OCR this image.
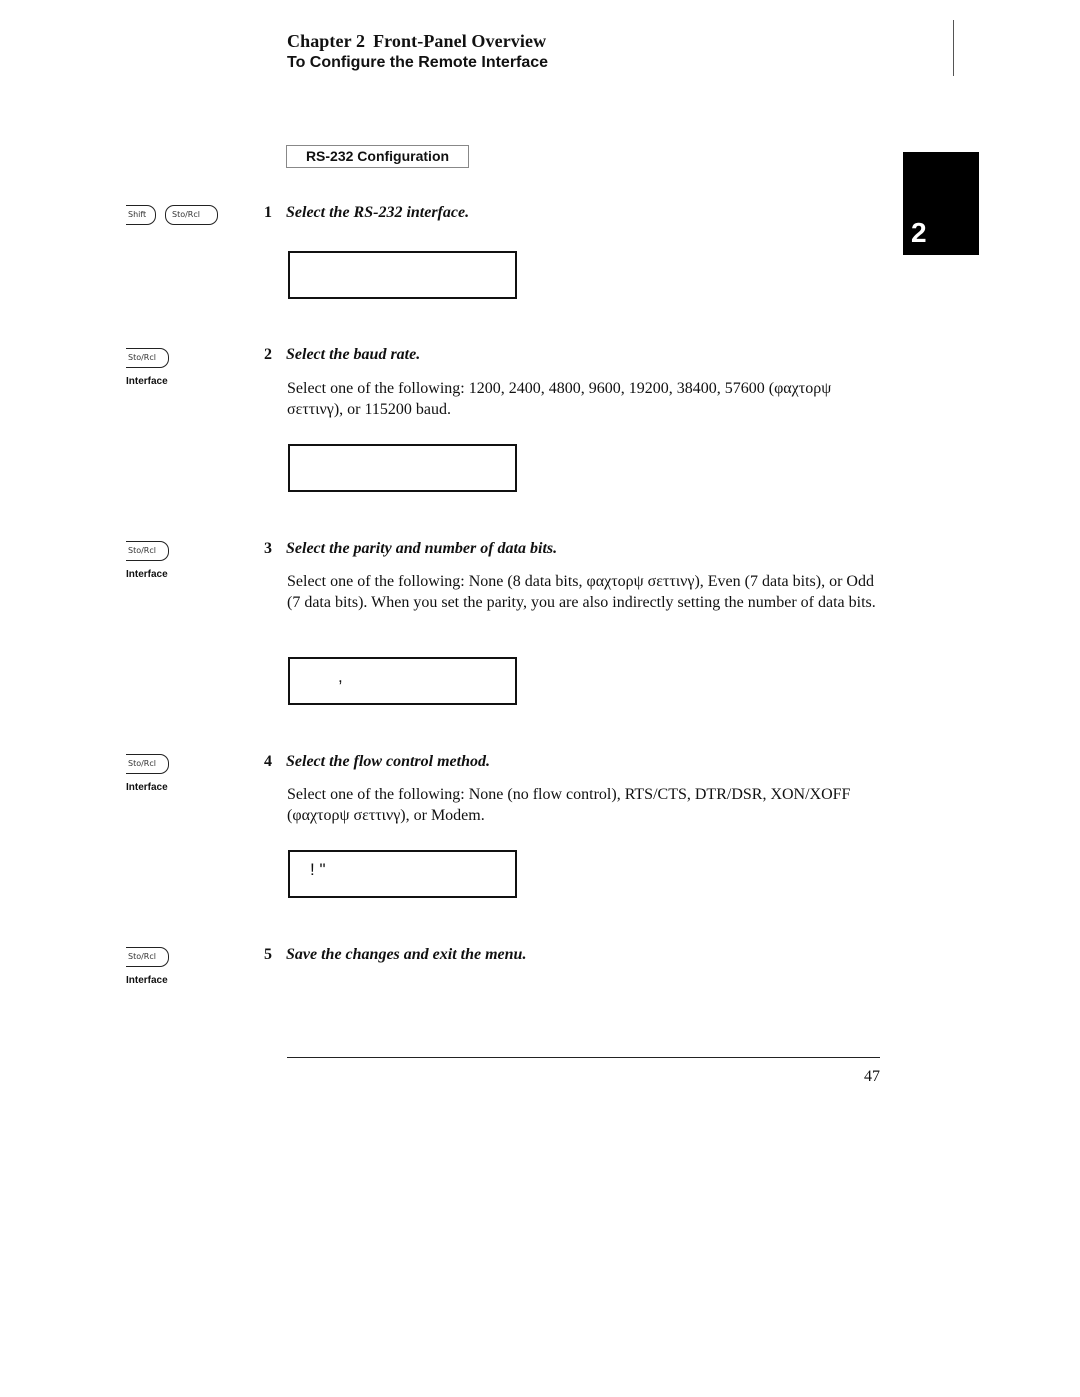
Chapter 2 Front-Panel Overview
To Configure the Remote Interface
2
RS-232 Configuration
Shift	Sto/Rcl	1 Select the RS-232 interface.
Sto/Rcl
Interface
2 Select the baud rate.
Select one of the following: 1200, 2400, 4800, 9600, 19200, 38400, 57600 (φαχτορψ σεττινγ), or 115200 baud.
Sto/Rcl
Interface
3 Select the parity and number of data bits.
Select one of the following: None (8 data bits, φαχτορψ σεττινγ), Even (7 data bits), or Odd (7 data bits). When you set the parity, you are also indirectly setting the number of data bits.
,
Sto/Rcl
Interface
4 Select the flow control method.
Select one of the following: None (no flow control), RTS/CTS, DTR/DSR, XON/XOFF (φαχτορψ σεττινγ), or Modem.
! "
Sto/Rcl
Interface
5 Save the changes and exit the menu.
47
